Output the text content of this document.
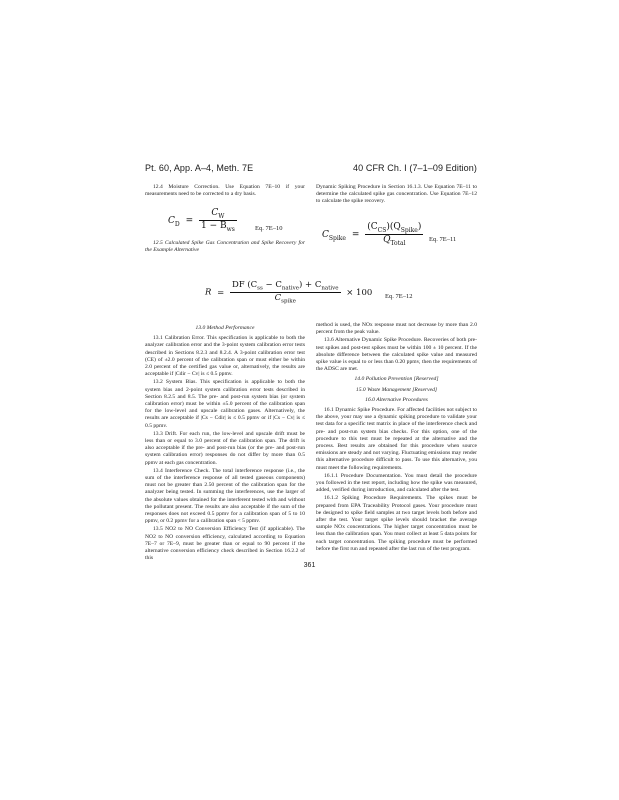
Pt. 60, App. A–4, Meth. 7E	40 CFR Ch. I (7–1–09 Edition)

12.4 Moisture Correction. Use Equation 7E–10 if your measurements need to be corrected to a dry basis.

$C_D = \frac{C_W}{1 - B_{ws}}$	Eq. 7E–10

12.5 Calculated Spike Gas Concentration and Spike Recovery for the Example Alternative

Dynamic Spiking Procedure in Section 16.1.3. Use Equation 7E–11 to determine the calculated spike gas concentration. Use Equation 7E–12 to calculate the spike recovery.

$C_{Spike} = \frac{(C_{CS})(Q_{Spike})}{Q_{Total}} Eq$. 7E–11
$R = \frac{DF (C_{ss} - C_{native}) + C_{native}}{C_{spike}} \times 100$ Eq. 7E–12

13.0 Method Performance

13.1 Calibration Error. This specification is applicable to both the analyzer calibration error and the 3-point system calibration error tests described in Sections 8.2.3 and 8.2.4. A 3-point calibration error test (CE) of ±2.0 percent of the calibration span or must either be within 2.0 percent of the certified gas value or, alternatively, the results are acceptable if |Cdir − Cv| is ≤ 0.5 ppmv.

13.2 System Bias. This specification is applicable to both the system bias and 2-point system calibration error tests described in Section 8.2.5 and 8.5. The pre- and post-run system bias (or system calibration error) must be within ±5.0 percent of the calibration span for the low-level and upscale calibration gases. Alternatively, the results are acceptable if |Cs − Cdir| is ≤ 0.5 ppmv or if |Cs − Cv| is ≤ 0.5 ppmv.

13.3 Drift. For each run, the low-level and upscale drift must be less than or equal to 3.0 percent of the calibration span. The drift is also acceptable if the pre- and post-run bias (or the pre- and post-run system calibration error) responses do not differ by more than 0.5 ppmv at each gas concentration.

13.4 Interference Check. The total interference response (i.e., the sum of the interference response of all tested gaseous components) must not be greater than 2.50 percent of the calibration span for the analyzer being tested. In summing the interferences, use the larger of the absolute values obtained for the interferent tested with and without the pollutant present. The results are also acceptable if the sum of the responses does not exceed 0.5 ppmv for a calibration span of 5 to 10 ppmv, or 0.2 ppmv for a calibration span < 5 ppmv.

13.5 NO2 to NO Conversion Efficiency Test (if applicable). The NO2 to NO conversion efficiency, calculated according to Equation 7E–7 or 7E–9, must be greater than or equal to 90 percent if the alternative conversion efficiency check described in Section 16.2.2 of this

method is used, the NOx response must not decrease by more than 2.0 percent from the peak value.

13.6 Alternative Dynamic Spike Procedure. Recoveries of both pre-test spikes and post-test spikes must be within 100 ± 10 percent. If the absolute difference between the calculated spike value and measured spike value is equal to or less than 0.20 ppmv, then the requirements of the ADSC are met.

14.0 Pollution Prevention [Reserved]

15.0 Waste Management [Reserved]

16.0 Alternative Procedures

16.1 Dynamic Spike Procedure. For affected facilities not subject to the above, your may use a dynamic spiking procedure to validate your test data for a specific test matrix in place of the interference check and pre- and post-run system bias checks. For this option, one of the procedure to this test must be repeated at the alternative and the process. Best results are obtained for this procedure when source emissions are steady and not varying. Fluctuating emissions may render this alternative procedure difficult to pass. To use this alternative, you must meet the following requirements.

16.1.1 Procedure Documentation. You must detail the procedure you followed in the test report, including how the spike was measured, added, verified during introduction, and calculated after the test.

16.1.2 Spiking Procedure Requirements. The spikes must be prepared from EPA Traceability Protocol gases. Your procedure must be designed to spike field samples at two target levels both before and after the test. Your target spike levels should bracket the average sample NOx concentrations. The higher target concentration must be less than the calibration span. You must collect at least 5 data points for each target concentration. The spiking procedure must be performed before the first run and repeated after the last run of the test program.

361
